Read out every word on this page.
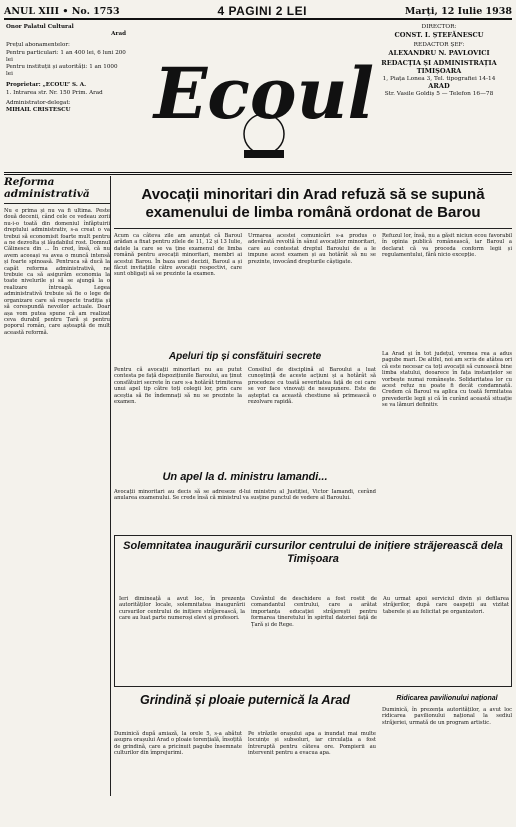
ANUL XIII • No. 1753	4 PAGINI 2 LEI	Marți, 12 Iulie 1938
Onor Palatul Cultural
Arad
Prețul abonamentelor:
Pentru particulari: 1 an 400 lei, 6 luni 200 lei
Pentru instituții și autorități: 1 an 1000 lei
Proprietar: „ECOUL” S. A.
1. Intrarea str. Nr. 150 Prim. Arad
Administrator-delegat:
MIHAIL CRISTESCU	Ecoul
DIRECTOR:
CONST. I. ȘTEFĂNESCU
REDACTOR ȘEF:
ALEXANDRU N. PAVLOVICI
REDACȚIA ȘI ADMINISTRAȚIA
TIMIȘOARA
1, Piața Lonea 3, Tel. tipografiei 14-14
ARAD
Str. Vasile Goldiș 5 — Telefon 16—78
Reforma administrativă
Nu e prima și nu va fi ultima. Peste două decenii, când cele ce vedeau zorii nu-i-o toată din domeniul înfăptuirii dreptului administrativ, s-a creat o va trebui să economisit foarte mult pentru a ne dezvolta și lăudabilul rost. Domnul Călinescu din ... În cred, însă, că nu avem aceeași va avea o muncă intensă și foarte spinoasă. Pentruca să ducă la capăt reforma administrativă, ne trebuie ca să asigurăm economia la toate nivelurile și să se ajungă la o realizare întreagă. Legea administrativă trebuie să fie o lege de organizare care să respecte tradiția și să corespundă nevoilor actuale. Doar așa vom putea spune că am realizat ceva durabil pentru Țară și pentru poporul român, care așteaptă de mult această reformă.
Avocații minoritari din Arad refuză să se supună examenului de limba română ordonat de Barou
Acum ca câteva zile am anunțat că Baroul arădan a fixat pentru zilele de 11, 12 și 13 Iulie, datele la care se va ține examenul de limba română pentru avocații minoritari, membri ai acestui Barou. În baza unei decizii, Baroul a și făcut invitațiile către avocații respectivi, care sunt obligați să se prezinte la examen.
Urmarea acestei comunicări s-a produs o adevărată revoltă în sânul avocaților minoritari, care au contestat dreptul Baroului de a le impune acest examen și au hotărât să nu se prezinte, invocând drepturile câștigate.
Refuzul lor, însă, nu a găsit niciun ecou favorabil în opinia publică românească, iar Baroul a declarat că va proceda conform legii și regulamentului, fără nicio excepție.
Apeluri tip și consfătuiri secrete
Pentru că avocații minoritari nu au putut contesta pe față dispozițiunile Baroului, au ținut consfătuiri secrete în care s-a hotărât trimiterea unui apel tip către toți colegii lor, prin care aceștia să fie îndemnați să nu se prezinte la examen.
Consiliul de disciplină al Baroului a luat cunoștință de aceste acțiuni și a hotărât să procedeze cu toată severitatea față de cei care se vor face vinovați de nesupunere. Este de așteptat ca această chestiune să primească o rezolvare rapidă.
La Arad și în tot județul, vremea rea a adus pagube mari. De altfel, noi am scris de atâtea ori că este necesar ca toți avocații să cunoască bine limba statului, deoarece în fața instanțelor se vorbește numai românește. Solidaritatea lor cu acest refuz nu poate fi decât condamnată. Credem că Baroul va aplica cu toată fermitatea prevederile legii și că în curând această situație se va lămuri definitiv.
Un apel la d. ministru Iamandi...
Avocații minoritari au decis să se adreseze d-lui ministru al Justiției, Victor Iamandi, cerând anularea examenului. Se crede însă că ministrul va susține punctul de vedere al Baroului.
Solemnitatea inaugurării cursurilor centrului de inițiere străjerească dela Timișoara
Ieri dimineață a avut loc, în prezența autorităților locale, solemnitatea inaugurării cursurilor centrului de inițiere străjerească, la care au luat parte numeroși elevi și profesori.
Cuvântul de deschidere a fost rostit de comandantul centrului, care a arătat importanța educației străjerești pentru formarea tineretului în spiritul datoriei față de Țară și de Rege.
Au urmat apoi serviciul divin și defilarea străjerilor, după care oaspeții au vizitat taberele și au felicitat pe organizatori.
Grindină și ploaie puternică la Arad
Duminică după amiază, la orele 5, s-a abătut asupra orașului Arad o ploaie torențială, însoțită de grindină, care a pricinuit pagube însemnate culturilor din împrejurimi.
Pe străzile orașului apa a inundat mai multe locuințe și subsoluri, iar circulația a fost întreruptă pentru câteva ore. Pompierii au intervenit pentru a evacua apa.
Ridicarea pavilionului național
Duminică, în prezența autorităților, a avut loc ridicarea pavilionului național la sediul străjeriei, urmată de un program artistic.
